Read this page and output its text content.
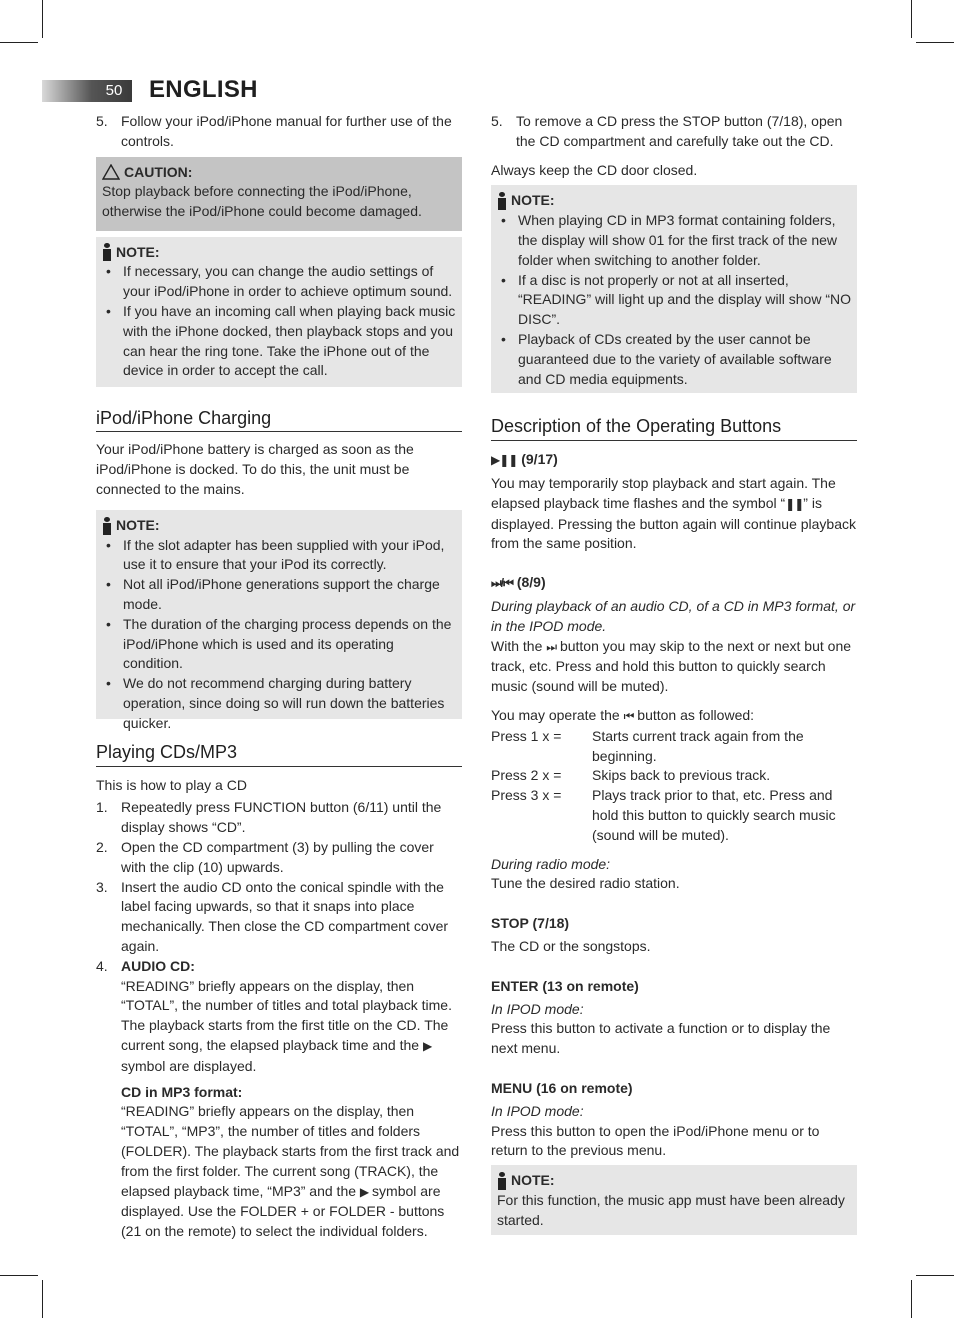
50	ENGLISH
5. Follow your iPod/iPhone manual for further use of the controls.
CAUTION:

Stop playback before connecting the iPod/iPhone, otherwise the iPod/iPhone could become damaged.

NOTE:
• If necessary, you can change the audio settings of your iPod/iPhone in order to achieve optimum sound.
• If you have an incoming call when playing back music with the iPhone docked, then playback stops and you can hear the ring tone. Take the iPhone out of the device in order to accept the call.
iPod/iPhone Charging

Your iPod/iPhone battery is charged as soon as the iPod/iPhone is docked. To do this, the unit must be connected to the mains.

NOTE:
• If the slot adapter has been supplied with your iPod, use it to ensure that your iPod its correctly.
• Not all iPod/iPhone generations support the charge mode.
• The duration of the charging process depends on the iPod/iPhone which is used and its operating condition.
• We do not recommend charging during battery operation, since doing so will run down the batteries quicker.
Playing CDs/MP3

This is how to play a CD

1. Repeatedly press FUNCTION button (6/11) until the display shows “CD”.
2. Open the CD compartment (3) by pulling the cover with the clip (10) upwards.
3. Insert the audio CD onto the conical spindle with the label facing upwards, so that it snaps into place mechanically. Then close the CD compartment cover again.
4. AUDIO CD:

“READING” briefly appears on the display, then “TOTAL”, the number of titles and total playback time. The playback starts from the first title on the CD. The current song, the elapsed playback time and the ▶ symbol are displayed.

CD in MP3 format:

“READING” briefly appears on the display, then “TOTAL”, “MP3”, the number of titles and folders (FOLDER). The playback starts from the first track and from the first folder. The current song (TRACK), the elapsed playback time, “MP3” and the ▶ symbol are displayed. Use the FOLDER + or FOLDER - buttons (21 on the remote) to select the individual folders.

5. To remove a CD press the STOP button (7/18), open the CD compartment and carefully take out the CD.

Always keep the CD door closed.

NOTE:
• When playing CD in MP3 format containing folders, the display will show 01 for the first track of the new folder when switching to another folder.
• If a disc is not properly or not at all inserted, “READING” will light up and the display will show “NO DISC”.
• Playback of CDs created by the user cannot be guaranteed due to the variety of available software and CD media equipments.
Description of the Operating Buttons

▶❚❚ (9/17)

You may temporarily stop playback and start again. The elapsed playback time flashes and the symbol “❚❚” is displayed. Pressing the button again will continue playback from the same position.

⏭/⏮ (8/9)

During playback of an audio CD, of a CD in MP3 format, or in the IPOD mode.

With the ⏭ button you may skip to the next or next but one track, etc. Press and hold this button to quickly search music (sound will be muted).

You may operate the ⏮ button as followed:

Press 1 x =	Starts current track again from the beginning.
Press 2 x =	Skips back to previous track.
Press 3 x =	Plays track prior to that, etc. Press and hold this button to quickly search music (sound will be muted).

During radio mode:

Tune the desired radio station.

STOP (7/18)

The CD or the songstops.

ENTER (13 on remote)

In IPOD mode:

Press this button to activate a function or to display the next menu.

MENU (16 on remote)

In IPOD mode:

Press this button to open the iPod/iPhone menu or to return to the previous menu.

NOTE:

For this function, the music app must have been already started.
